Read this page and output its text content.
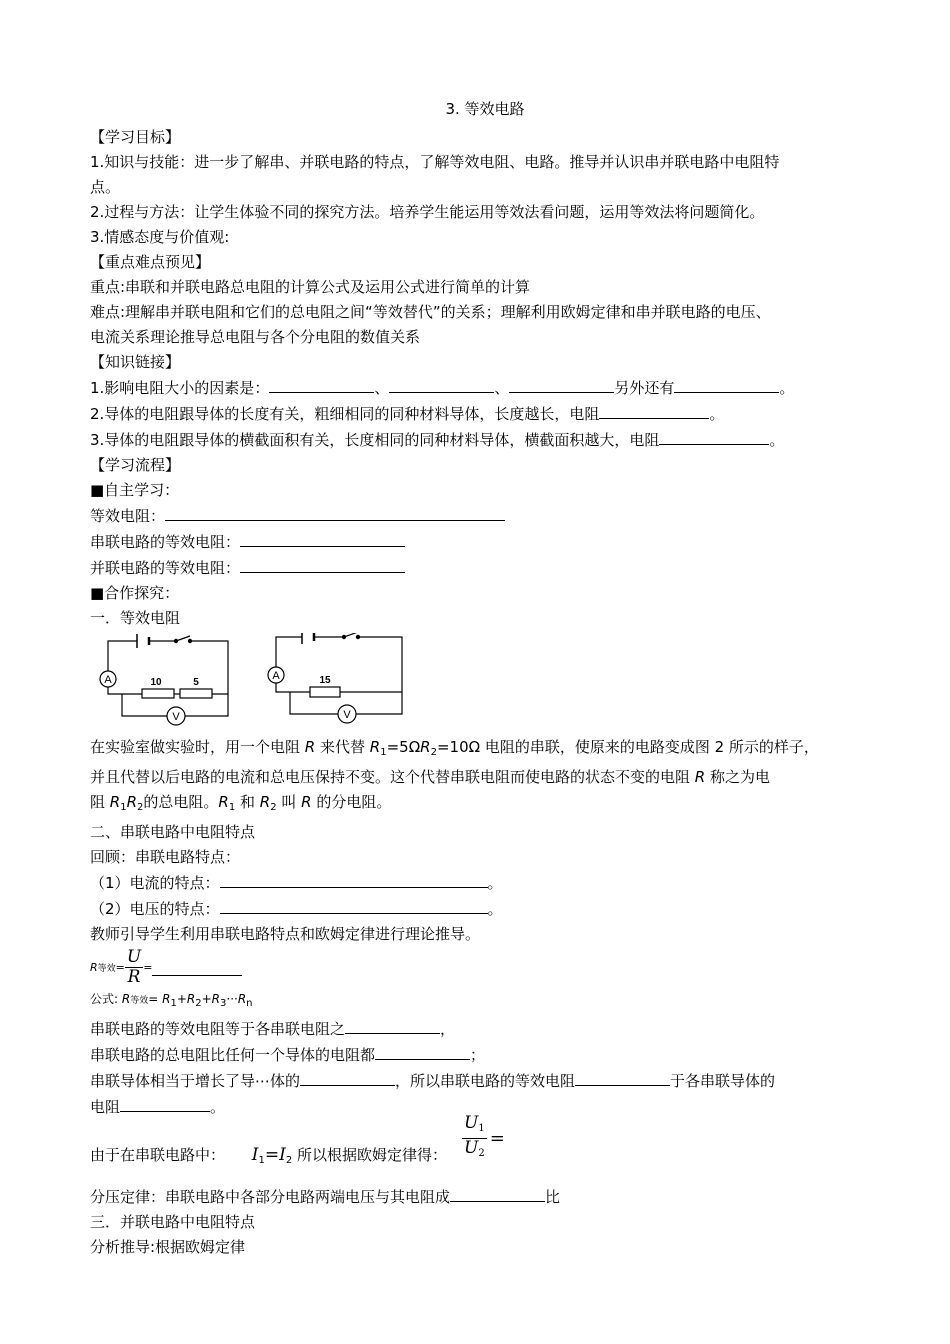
3. 等效电路
【学习目标】
1.知识与技能：进一步了解串、并联电路的特点，了解等效电阻、电路。推导并认识串并联电路中电阻特
点。
2.过程与方法：让学生体验不同的探究方法。培养学生能运用等效法看问题，运用等效法将问题简化。
3.情感态度与价值观:
【重点难点预见】
重点:串联和并联电路总电阻的计算公式及运用公式进行简单的计算
难点:理解串并联电阻和它们的总电阻之间“等效替代”的关系；理解利用欧姆定律和串并联电路的电压、
电流关系理论推导总电阻与各个分电阻的数值关系
【知识链接】
1.影响电阻大小的因素是：	、	、	另外还有	。
2.导体的电阻跟导体的长度有关，粗细相同的同种材料导体，长度越长，电阻	。
3.导体的电阻跟导体的横截面积有关，长度相同的同种材料导体，横截面积越大，电阻	。
【学习流程】
■自主学习：
等效电阻：
串联电路的等效电阻：
并联电路的等效电阻：
■合作探究：
一．等效电阻
A
V
10	5
A
V
15
在实验室做实验时，用一个电阻 R 来代替 $R_1=5\Omega R_2=10\Omega$ 电阻的串联，使原来的电路变成图 2 所示的样子，
并且代替以后电路的电流和总电压保持不变。这个代替串联电阻而使电路的状态不变的电阻 R 称之为电
阻 $R_1R_2$的总电阻。$R_1$ 和 $R_2$ 叫 R 的分电阻。
二、串联电路中电阻特点
回顾：串联电路特点：
（1）电流的特点：	。
（2）电压的特点：	。
教师引导学生利用串联电路特点和欧姆定律进行理论推导。
R 等效 = $\frac{U}{R}$ =
公式: R等效= $R_1+R_2+R_3\cdot\cdot\cdot R_n$
串联电路的等效电阻等于各串联电阻之	，
串联电路的总电阻比任何一个导体的电阻都	；
串联导体相当于增长了导⋯体的	，所以串联电路的等效电阻	于各串联导体的
电阻	。
由于在串联电路中： $I_1=I_2$ 所以根据欧姆定律得： $\frac{U_1}{U_2}$ =
分压定律：串联电路中各部分电路两端电压与其电阻成	比
三．并联电路中电阻特点
分析推导:根据欧姆定律
